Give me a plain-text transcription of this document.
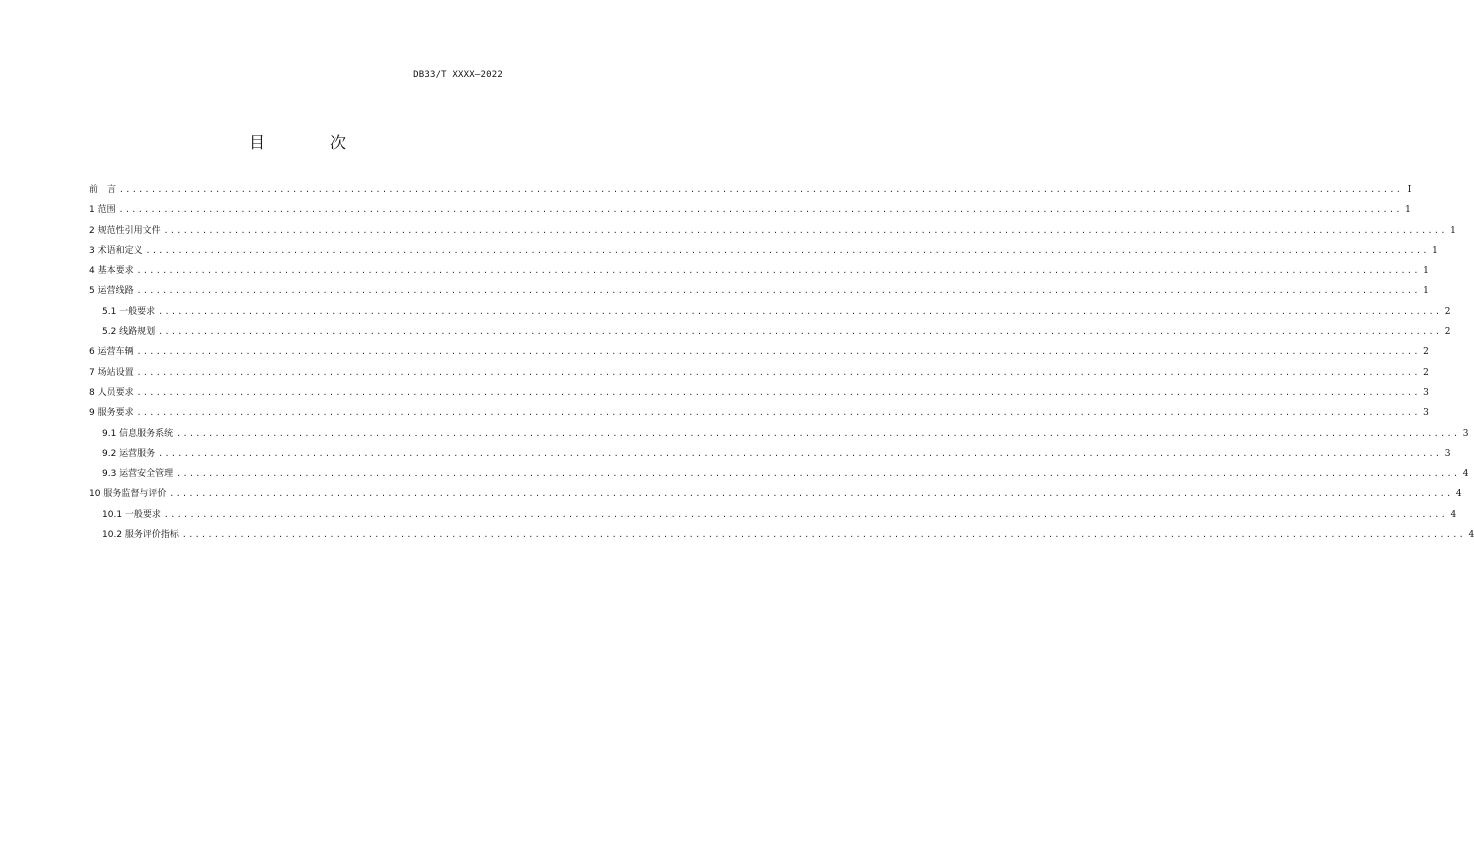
DB33/T XXXX—2022
目 次
前　言 ........................................................................................................................................................................................................ I
1 范围 ........................................................................................................................................................................................................ 1
2 规范性引用文件 ........................................................................................................................................................................................................ 1
3 术语和定义 ........................................................................................................................................................................................................ 1
4 基本要求 ........................................................................................................................................................................................................ 1
5 运营线路 ........................................................................................................................................................................................................ 1
5.1 一般要求 ........................................................................................................................................................................................................ 2
5.2 线路规划 ........................................................................................................................................................................................................ 2
6 运营车辆 ........................................................................................................................................................................................................ 2
7 场站设置 ........................................................................................................................................................................................................ 2
8 人员要求 ........................................................................................................................................................................................................ 3
9 服务要求 ........................................................................................................................................................................................................ 3
9.1 信息服务系统 ........................................................................................................................................................................................................ 3
9.2 运营服务 ........................................................................................................................................................................................................ 3
9.3 运营安全管理 ........................................................................................................................................................................................................ 4
10 服务监督与评价 ........................................................................................................................................................................................................ 4
10.1 一般要求 ........................................................................................................................................................................................................ 4
10.2 服务评价指标 ........................................................................................................................................................................................................ 4
